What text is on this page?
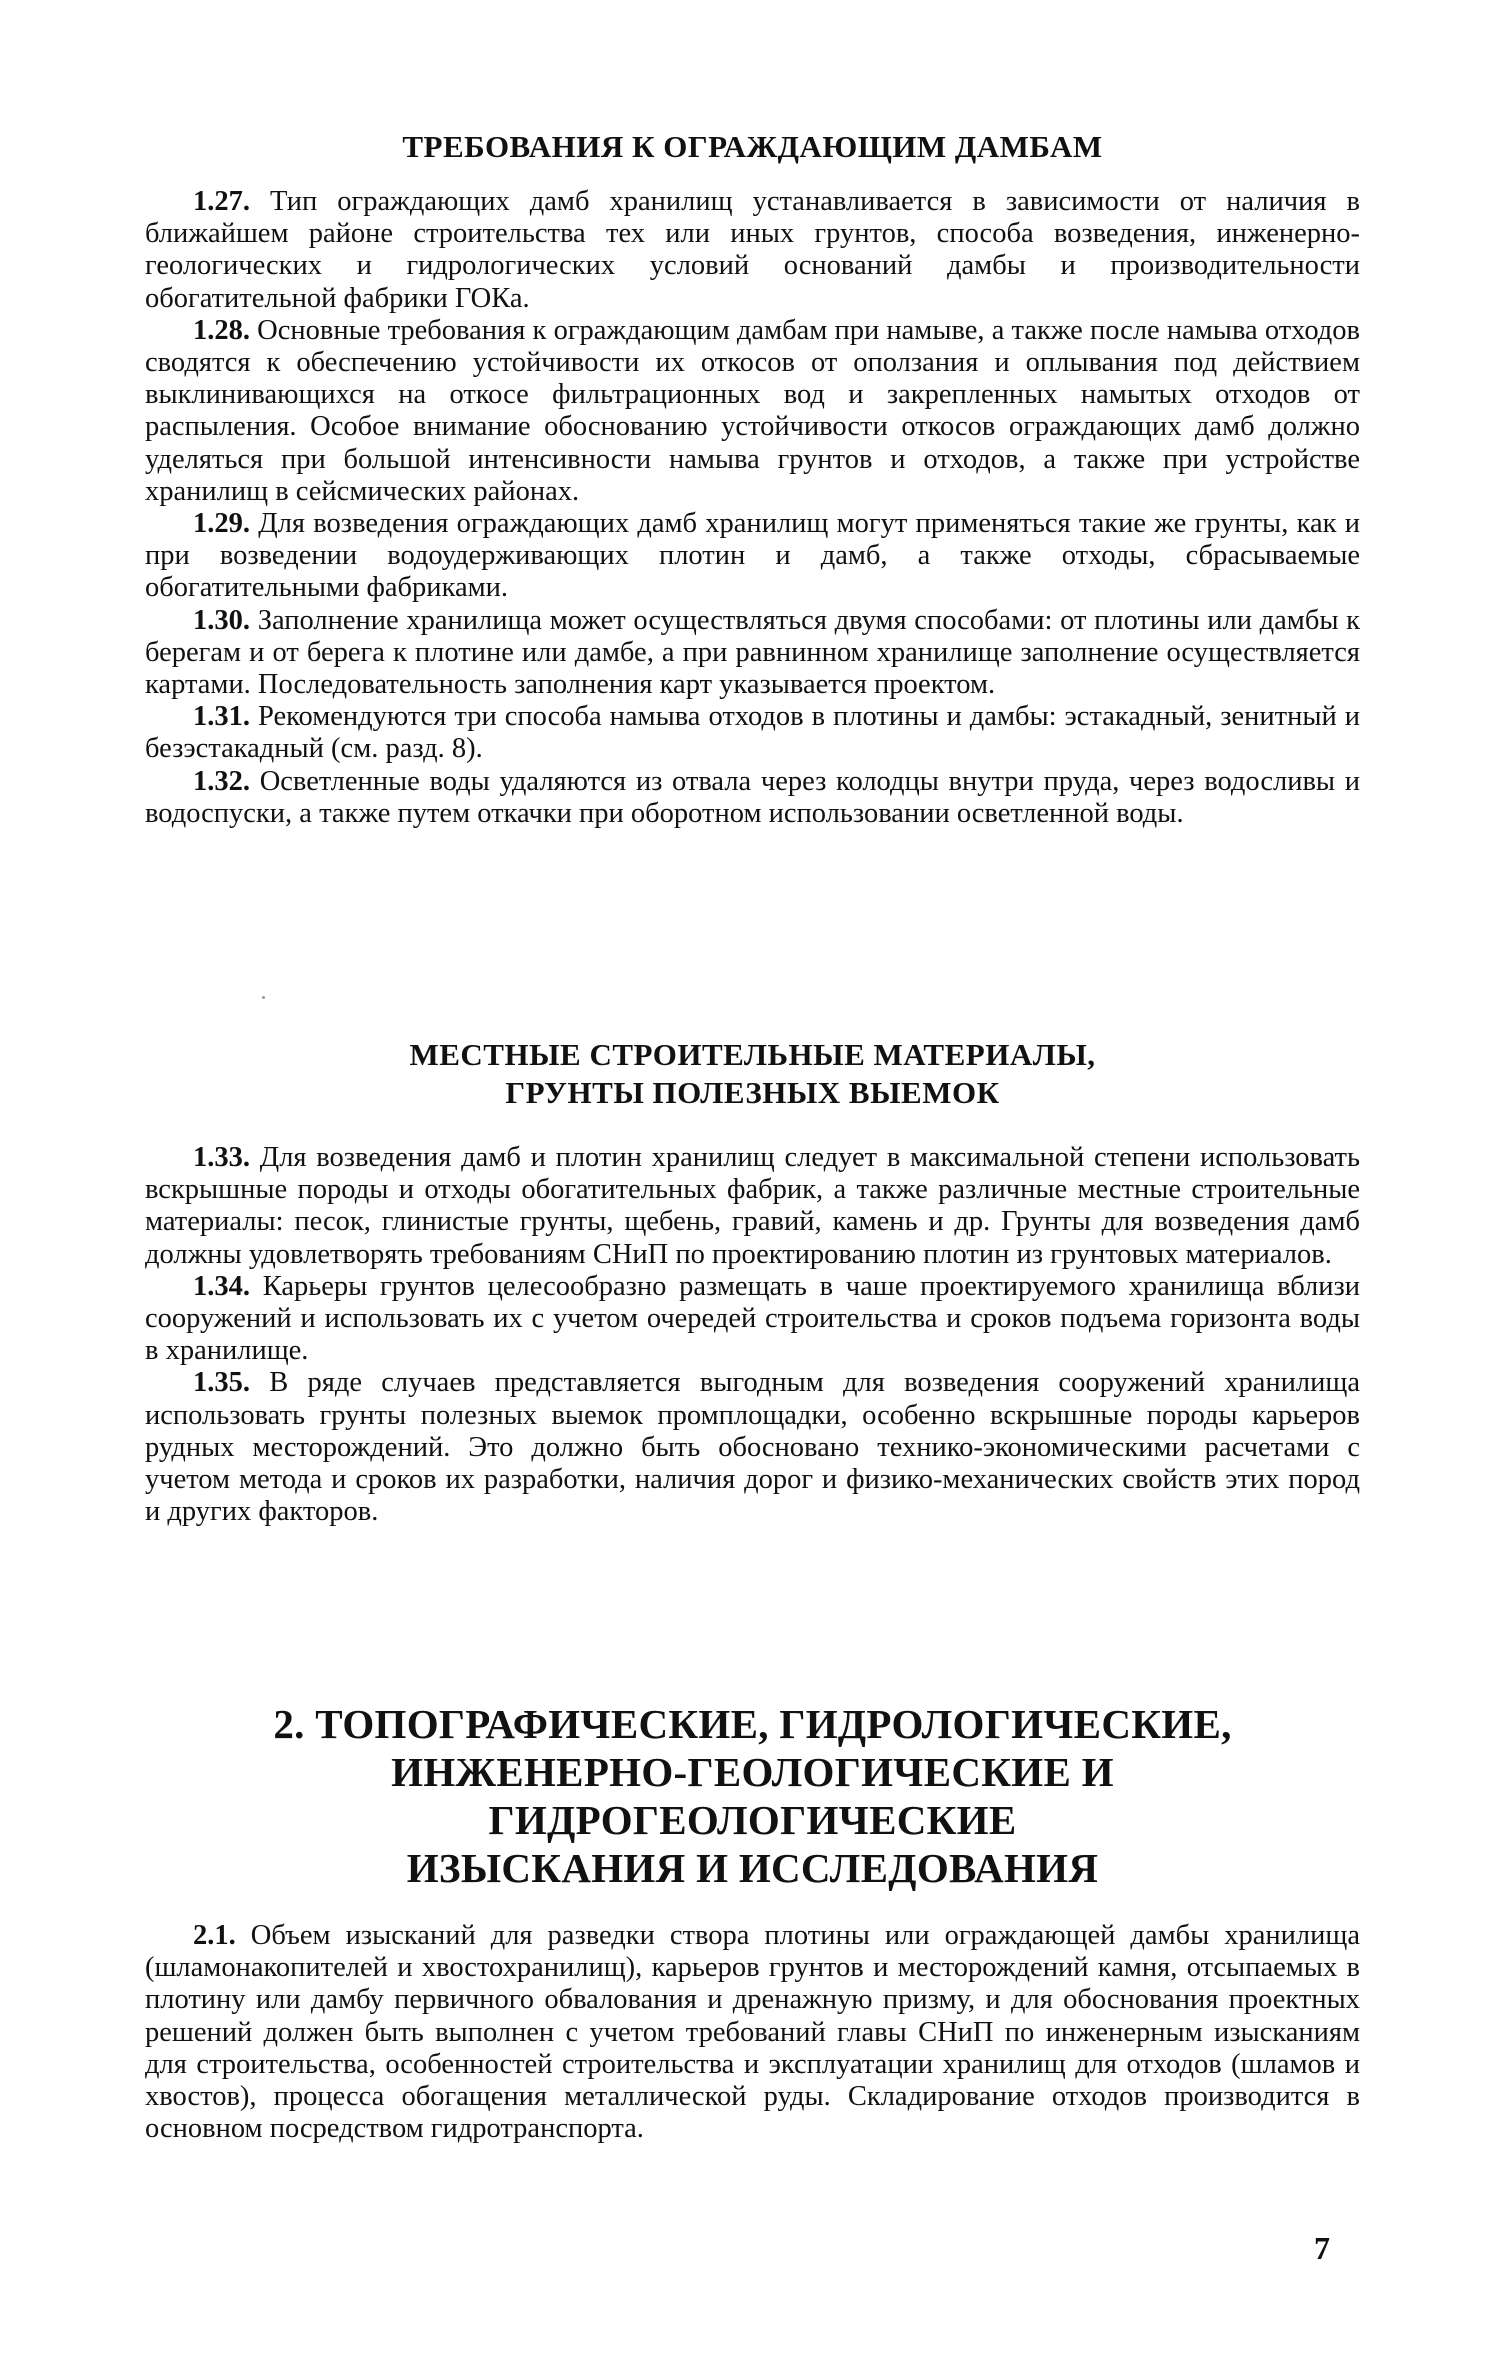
ТРЕБОВАНИЯ К ОГРАЖДАЮЩИМ ДАМБАМ

1.27. Тип ограждающих дамб хранилищ устанавливается в зависимости от наличия в ближайшем районе строительства тех или иных грунтов, способа возведения, инженерно-геологических и гидрологических условий оснований дамбы и производительности обогатительной фабрики ГОКа.

1.28. Основные требования к ограждающим дамбам при намыве, а также после намыва отходов сводятся к обеспечению устойчивости их откосов от оползания и оплывания под действием выклинивающихся на откосе фильтрационных вод и закрепленных намытых отходов от распыления. Особое внимание обоснованию устойчивости откосов ограждающих дамб должно уделяться при большой интенсивности намыва грунтов и отходов, а также при устройстве хранилищ в сейсмических районах.

1.29. Для возведения ограждающих дамб хранилищ могут применяться такие же грунты, как и при возведении водоудерживающих плотин и дамб, а также отходы, сбрасываемые обогатительными фабриками.

1.30. Заполнение хранилища может осуществляться двумя способами: от плотины или дамбы к берегам и от берега к плотине или дамбе, а при равнинном хранилище заполнение осуществляется картами. Последовательность заполнения карт указывается проектом.

1.31. Рекомендуются три способа намыва отходов в плотины и дамбы: эстакадный, зенитный и безэстакадный (см. разд. 8).

1.32. Осветленные воды удаляются из отвала через колодцы внутри пруда, через водосливы и водоспуски, а также путем откачки при оборотном использовании осветленной воды.

МЕСТНЫЕ СТРОИТЕЛЬНЫЕ МАТЕРИАЛЫ,
ГРУНТЫ ПОЛЕЗНЫХ ВЫЕМОК

1.33. Для возведения дамб и плотин хранилищ следует в максимальной степени использовать вскрышные породы и отходы обогатительных фабрик, а также различные местные строительные материалы: песок, глинистые грунты, щебень, гравий, камень и др. Грунты для возведения дамб должны удовлетворять требованиям СНиП по проектированию плотин из грунтовых материалов.

1.34. Карьеры грунтов целесообразно размещать в чаше проектируемого хранилища вблизи сооружений и использовать их с учетом очередей строительства и сроков подъема горизонта воды в хранилище.

1.35. В ряде случаев представляется выгодным для возведения сооружений хранилища использовать грунты полезных выемок промплощадки, особенно вскрышные породы карьеров рудных месторождений. Это должно быть обосновано технико-экономическими расчетами с учетом метода и сроков их разработки, наличия дорог и физико-механических свойств этих пород и других факторов.

2. ТОПОГРАФИЧЕСКИЕ, ГИДРОЛОГИЧЕСКИЕ,
ИНЖЕНЕРНО-ГЕОЛОГИЧЕСКИЕ И ГИДРОГЕОЛОГИЧЕСКИЕ
ИЗЫСКАНИЯ И ИССЛЕДОВАНИЯ

2.1. Объем изысканий для разведки створа плотины или ограждающей дамбы хранилища (шламонакопителей и хвостохранилищ), карьеров грунтов и месторождений камня, отсыпаемых в плотину или дамбу первичного обвалования и дренажную призму, и для обоснования проектных решений должен быть выполнен с учетом требований главы СНиП по инженерным изысканиям для строительства, особенностей строительства и эксплуатации хранилищ для отходов (шламов и хвостов), процесса обогащения металлической руды. Складирование отходов производится в основном посредством гидротранспорта.

7
